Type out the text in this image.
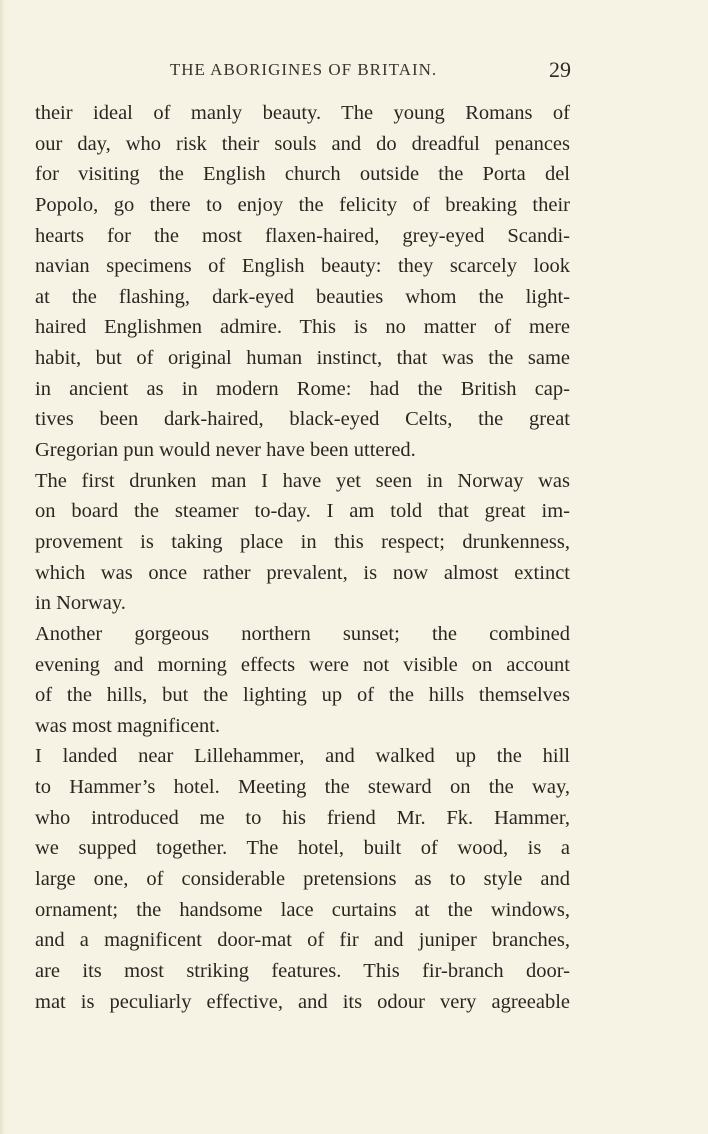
THE ABORIGINES OF BRITAIN.	29
their ideal of manly beauty. The young Romans of
our day, who risk their souls and do dreadful penances
for visiting the English church outside the Porta del
Popolo, go there to enjoy the felicity of breaking their
hearts for the most flaxen-haired, grey-eyed Scandi-
navian specimens of English beauty: they scarcely look
at the flashing, dark-eyed beauties whom the light-
haired Englishmen admire. This is no matter of mere
habit, but of original human instinct, that was the same
in ancient as in modern Rome: had the British cap-
tives been dark-haired, black-eyed Celts, the great
Gregorian pun would never have been uttered.
The first drunken man I have yet seen in Norway was
on board the steamer to-day. I am told that great im-
provement is taking place in this respect; drunkenness,
which was once rather prevalent, is now almost extinct
in Norway.
Another gorgeous northern sunset; the combined
evening and morning effects were not visible on account
of the hills, but the lighting up of the hills themselves
was most magnificent.
I landed near Lillehammer, and walked up the hill
to Hammer’s hotel. Meeting the steward on the way,
who introduced me to his friend Mr. Fk. Hammer,
we supped together. The hotel, built of wood, is a
large one, of considerable pretensions as to style and
ornament; the handsome lace curtains at the windows,
and a magnificent door-mat of fir and juniper branches,
are its most striking features. This fir-branch door-
mat is peculiarly effective, and its odour very agreeable
